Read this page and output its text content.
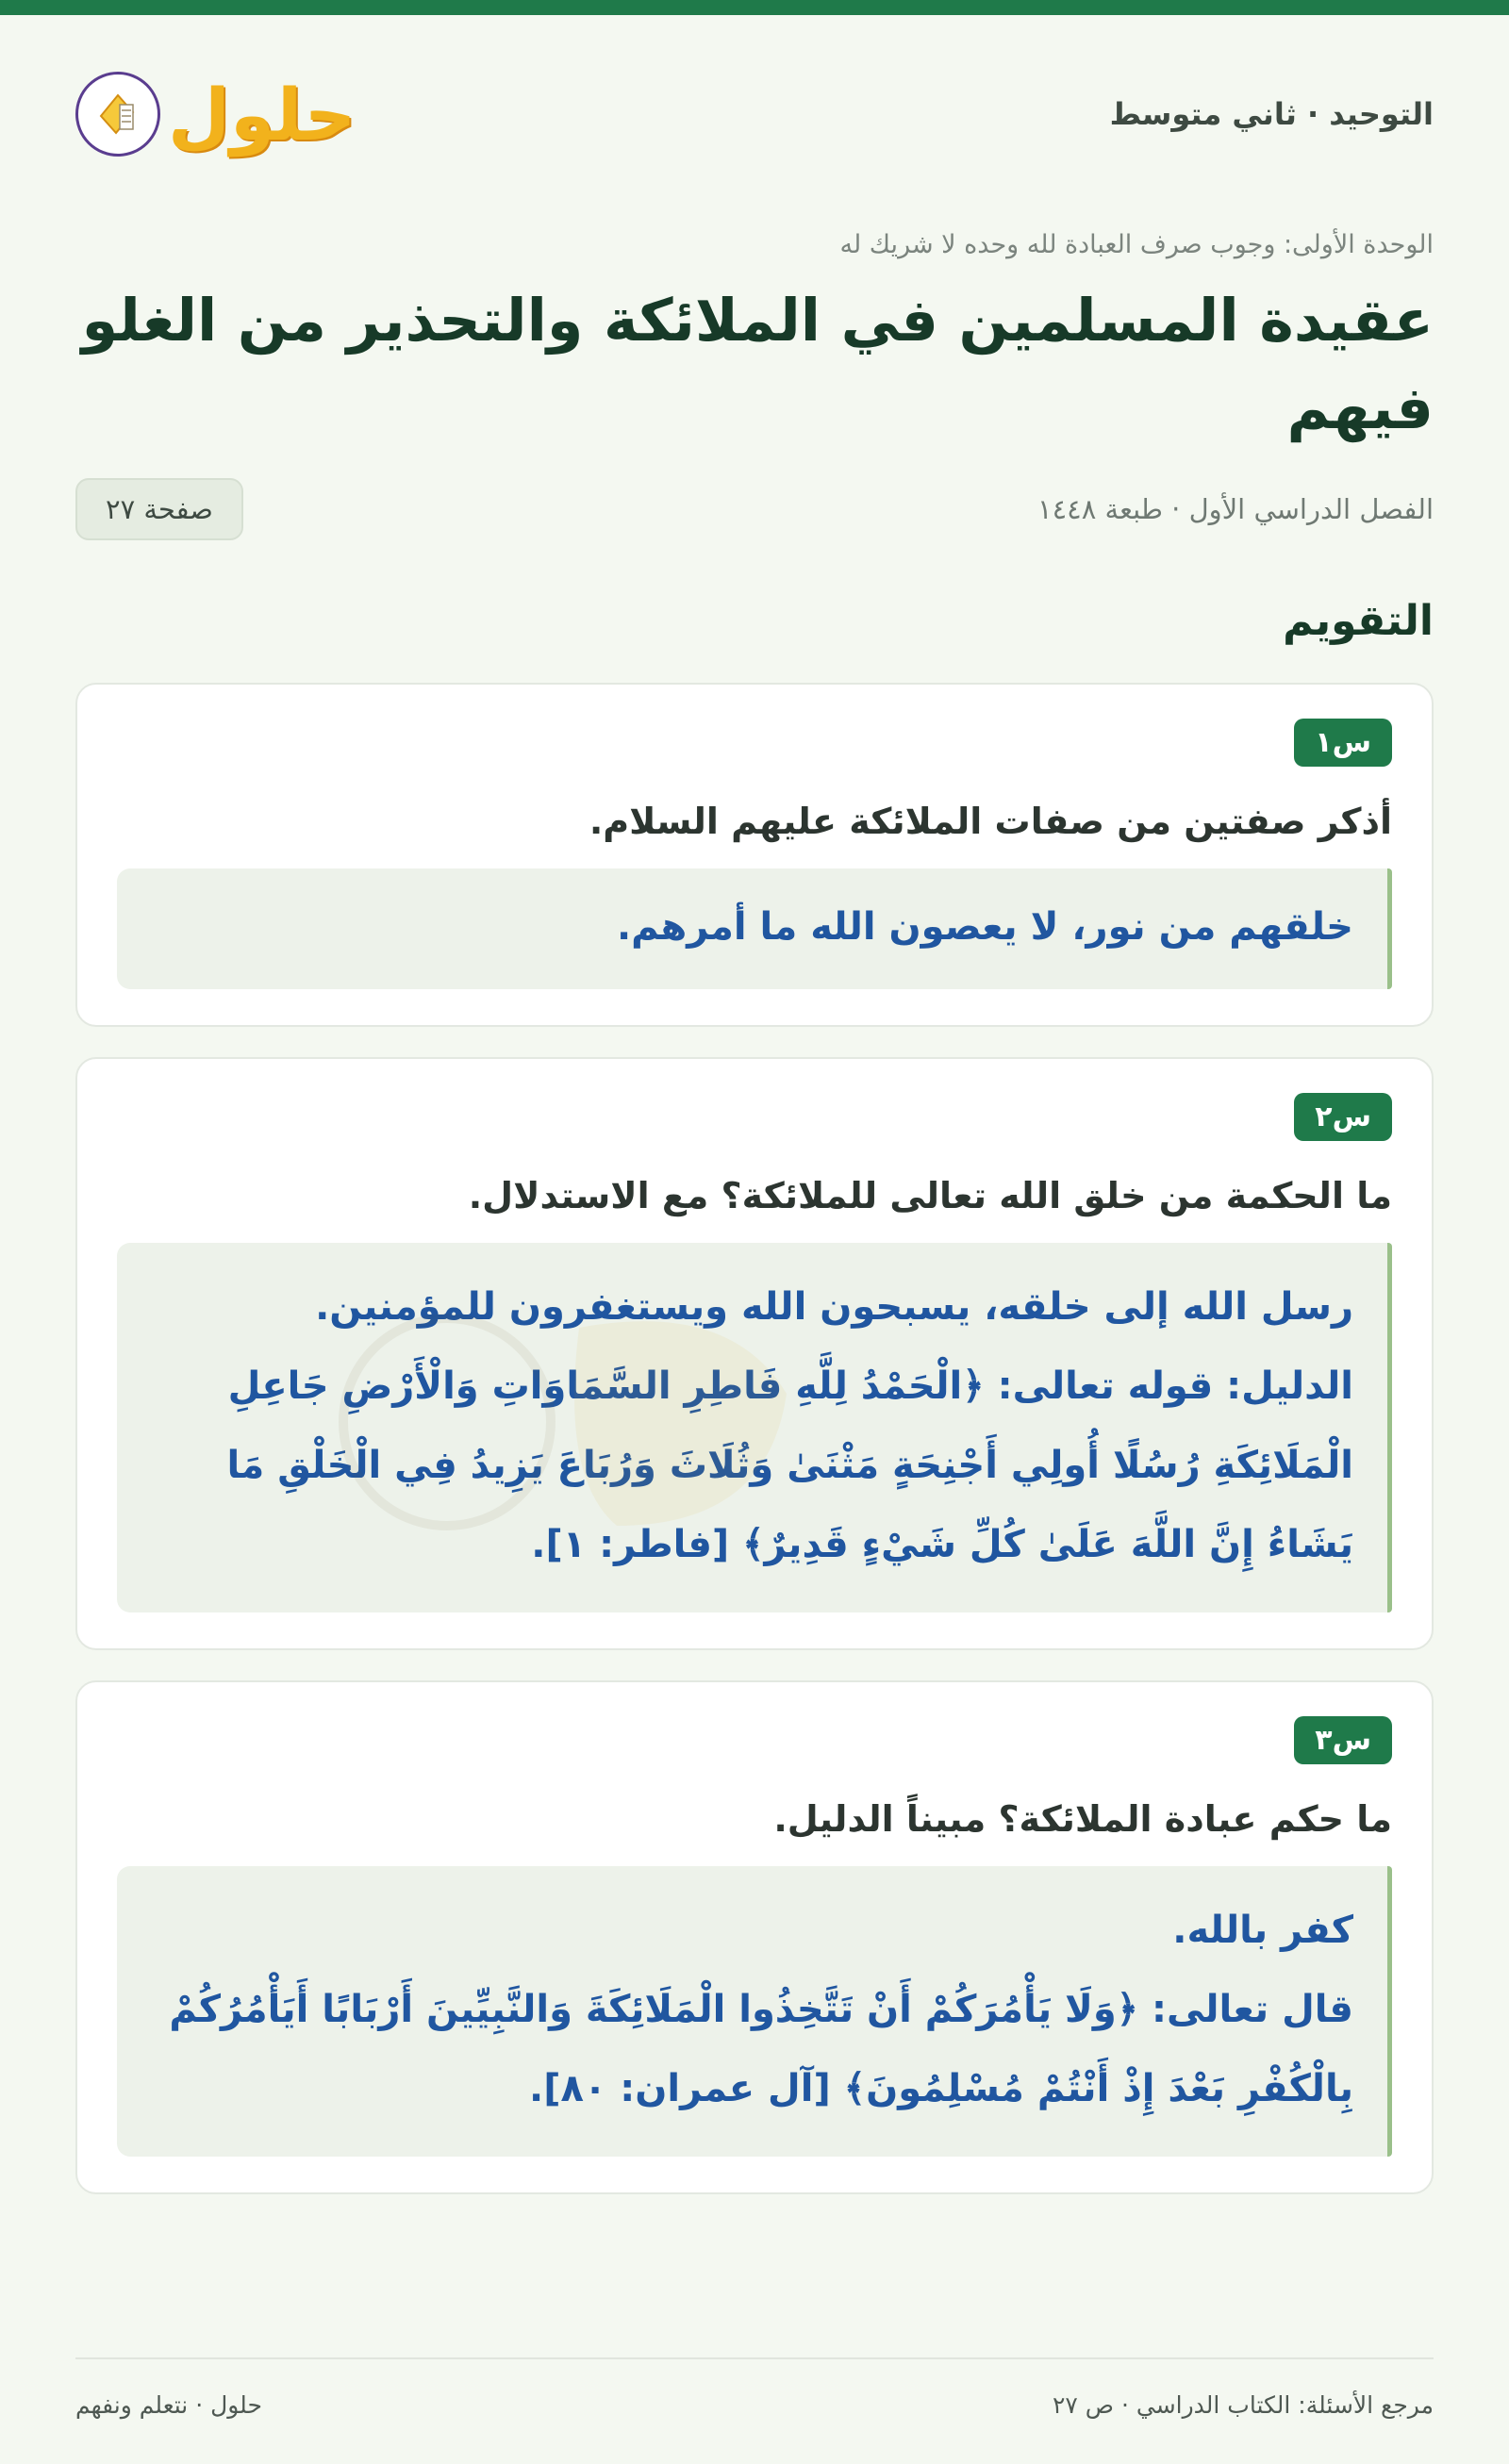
التوحيد · ثاني متوسط
حلول
الوحدة الأولى: وجوب صرف العبادة لله وحده لا شريك له
عقيدة المسلمين في الملائكة والتحذير من الغلو فيهم
الفصل الدراسي الأول · طبعة ١٤٤٨
صفحة ٢٧
التقويم
س١
أذكر صفتين من صفات الملائكة عليهم السلام.

خلقهم من نور، لا يعصون الله ما أمرهم.

س٢
ما الحكمة من خلق الله تعالى للملائكة؟ مع الاستدلال.

رسل الله إلى خلقه، يسبحون الله ويستغفرون للمؤمنين.

الدليل: قوله تعالى: ﴿الْحَمْدُ لِلَّهِ فَاطِرِ السَّمَاوَاتِ وَالْأَرْضِ جَاعِلِ الْمَلَائِكَةِ رُسُلًا أُولِي أَجْنِحَةٍ مَثْنَىٰ وَثُلَاثَ وَرُبَاعَ يَزِيدُ فِي الْخَلْقِ مَا يَشَاءُ إِنَّ اللَّهَ عَلَىٰ كُلِّ شَيْءٍ قَدِيرٌ﴾ [فاطر: ١].

س٣
ما حكم عبادة الملائكة؟ مبيناً الدليل.

كفر بالله.

قال تعالى: ﴿وَلَا يَأْمُرَكُمْ أَنْ تَتَّخِذُوا الْمَلَائِكَةَ وَالنَّبِيِّينَ أَرْبَابًا أَيَأْمُرُكُمْ بِالْكُفْرِ بَعْدَ إِذْ أَنْتُمْ مُسْلِمُونَ﴾ [آل عمران: ٨٠].

مرجع الأسئلة: الكتاب الدراسي · ص ٢٧
حلول · نتعلم ونفهم
